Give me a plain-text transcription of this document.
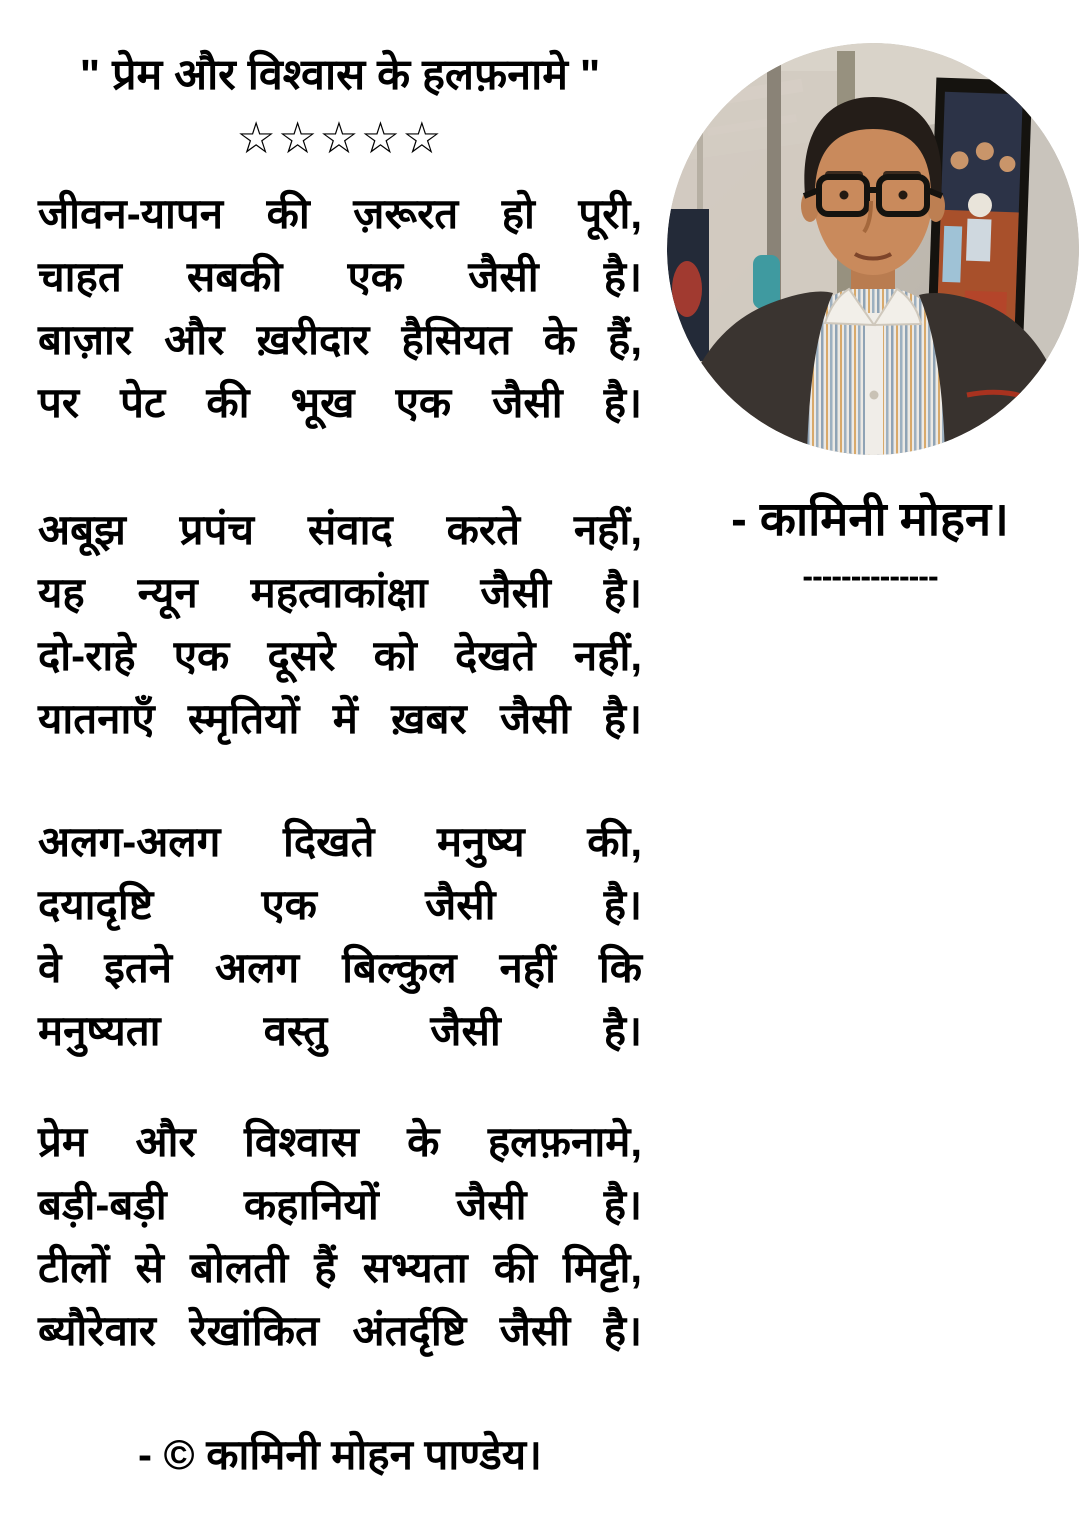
" प्रेम और विश्वास के हलफ़नामे "
☆☆☆☆☆
जीवन-यापन की ज़रूरत हो पूरी,
चाहत सबकी एक जैसी है।
बाज़ार और ख़रीदार हैसियत के हैं,
पर पेट की भूख एक जैसी है।
अबूझ प्रपंच संवाद करते नहीं,
यह न्यून महत्वाकांक्षा जैसी है।
दो-राहे एक दूसरे को देखते नहीं,
यातनाएँ स्मृतियों में ख़बर जैसी है।
अलग-अलग दिखते मनुष्य की,
दयादृष्टि एक जैसी है।
वे इतने अलग बिल्कुल नहीं कि
मनुष्यता वस्तु जैसी है।
प्रेम और विश्वास के हलफ़नामे,
बड़ी-बड़ी कहानियों जैसी है।
टीलों से बोलती हैं सभ्यता की मिट्टी,
ब्यौरेवार रेखांकित अंतर्दृष्टि जैसी है।
- © कामिनी मोहन पाण्डेय।
- कामिनी मोहन।
--------------
